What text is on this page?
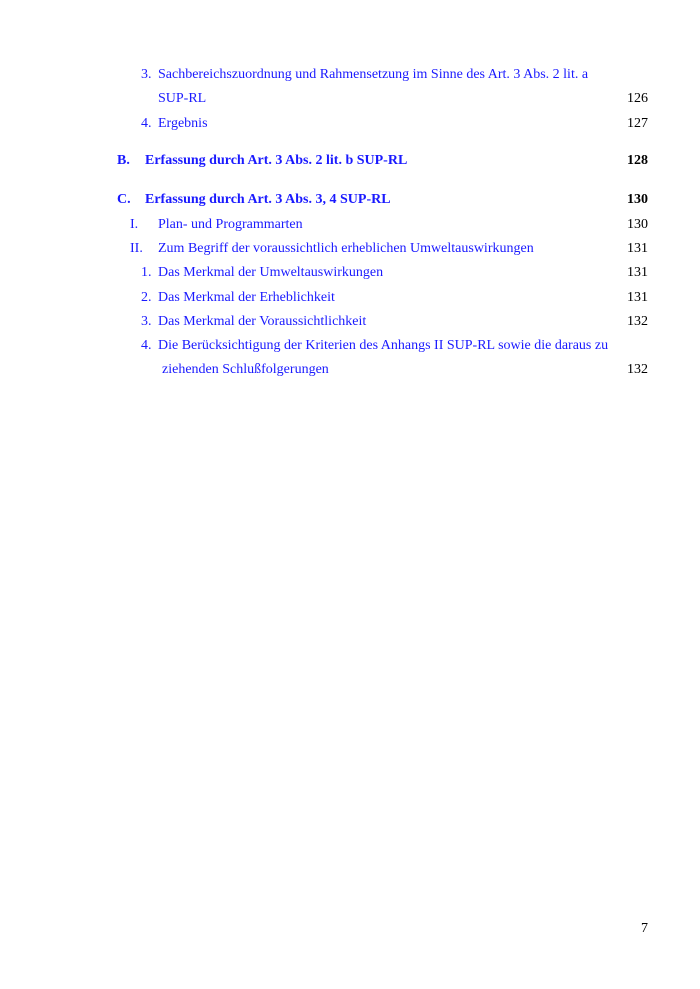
3. Sachbereichszuordnung und Rahmensetzung im Sinne des Art. 3 Abs. 2 lit. a
SUP-RL	126
4. Ergebnis	127
B. Erfassung durch Art. 3 Abs. 2 lit. b SUP-RL	128
C. Erfassung durch Art. 3 Abs. 3, 4 SUP-RL	130
I. Plan- und Programmarten	130
II. Zum Begriff der voraussichtlich erheblichen Umweltauswirkungen	131
1. Das Merkmal der Umweltauswirkungen	131
2. Das Merkmal der Erheblichkeit	131
3. Das Merkmal der Voraussichtlichkeit	132
4. Die Berücksichtigung der Kriterien des Anhangs II SUP-RL sowie die daraus zu
ziehenden Schlußfolgerungen	132
7
